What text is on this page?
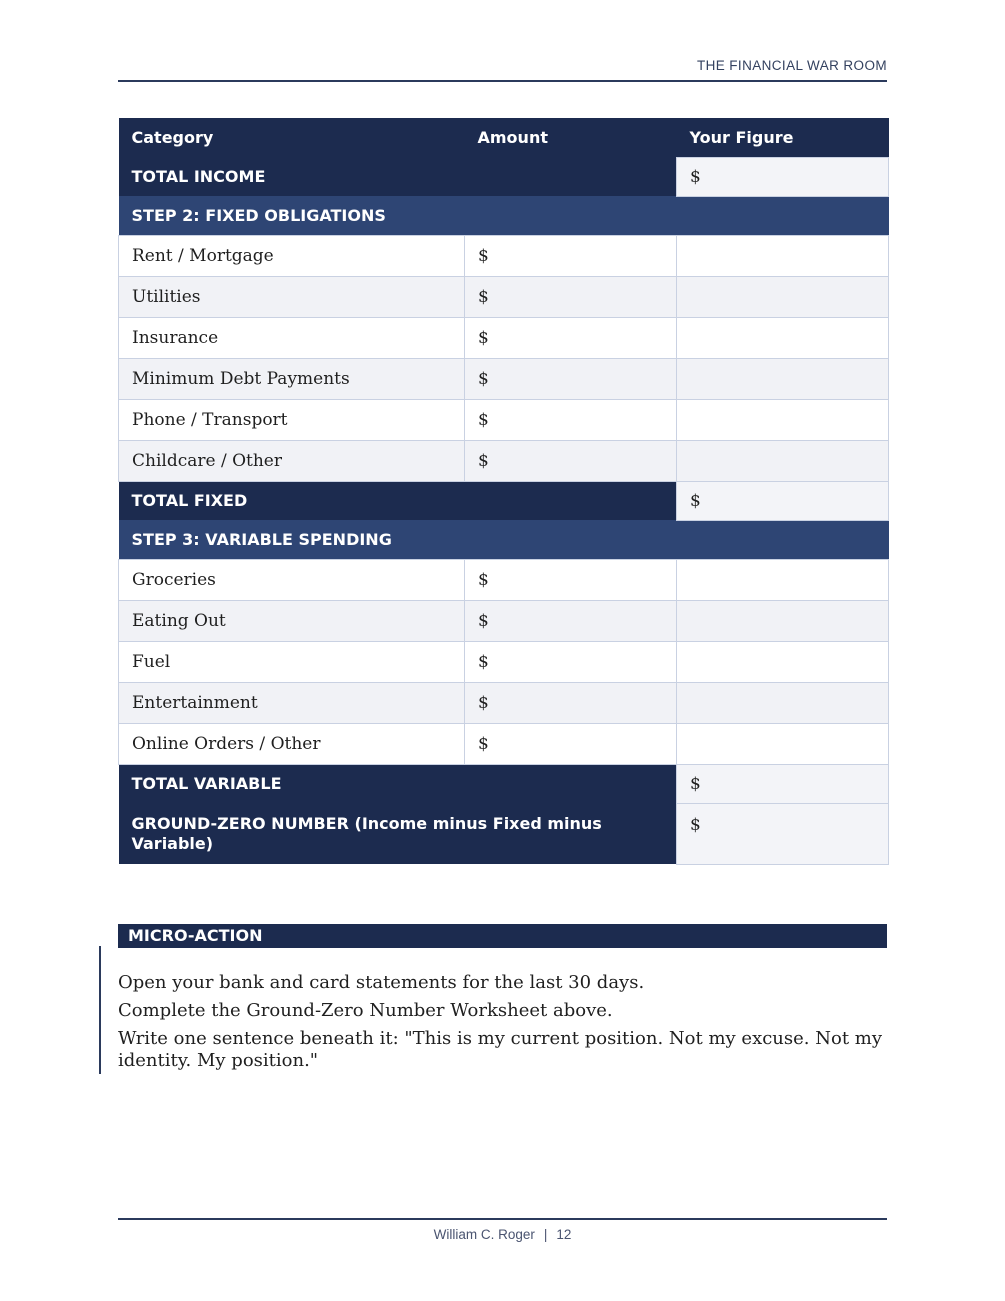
THE FINANCIAL WAR ROOM
Category	Amount	Your Figure
TOTAL INCOME		$
STEP 2: FIXED OBLIGATIONS		
Rent / Mortgage	$	
Utilities	$	
Insurance	$	
Minimum Debt Payments	$	
Phone / Transport	$	
Childcare / Other	$	
TOTAL FIXED		$
STEP 3: VARIABLE SPENDING		
Groceries	$	
Eating Out	$	
Fuel	$	
Entertainment	$	
Online Orders / Other	$	
TOTAL VARIABLE		$
GROUND-ZERO NUMBER (Income minus Fixed minus Variable)		$
MICRO-ACTION

Open your bank and card statements for the last 30 days.

Complete the Ground-Zero Number Worksheet above.

Write one sentence beneath it: "This is my current position. Not my excuse. Not my identity. My position."

William C. Roger | 12
